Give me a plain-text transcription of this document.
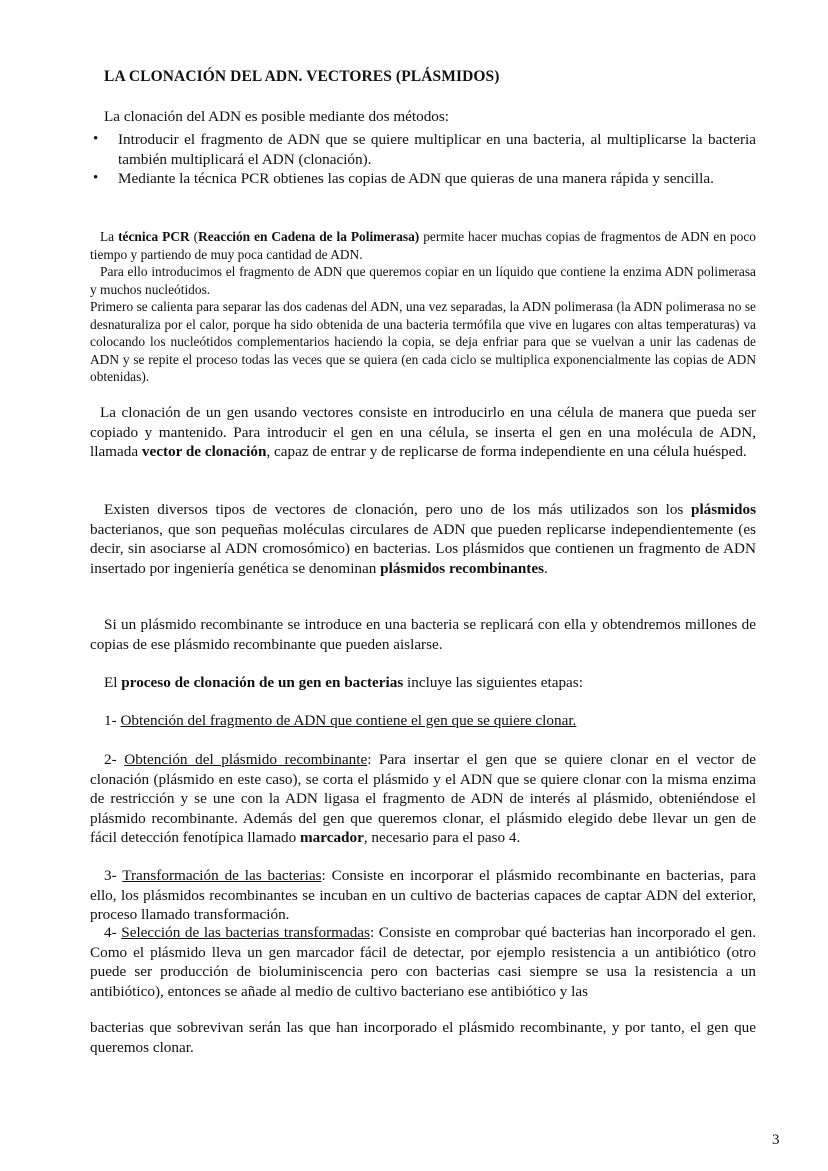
LA CLONACIÓN DEL ADN. VECTORES (PLÁSMIDOS)
La clonación del ADN es posible mediante dos métodos:
• Introducir el fragmento de ADN que se quiere multiplicar en una bacteria, al multiplicarse la bacteria también multiplicará el ADN (clonación).
• Mediante la técnica PCR obtienes las copias de ADN que quieras de una manera rápida y sencilla.
La técnica PCR (Reacción en Cadena de la Polimerasa) permite hacer muchas copias de fragmentos de ADN en poco tiempo y partiendo de muy poca cantidad de ADN.
Para ello introducimos el fragmento de ADN que queremos copiar en un líquido que contiene la enzima ADN polimerasa y muchos nucleótidos.
Primero se calienta para separar las dos cadenas del ADN, una vez separadas, la ADN polimerasa (la ADN polimerasa no se desnaturaliza por el calor, porque ha sido obtenida de una bacteria termófila que vive en lugares con altas temperaturas) va colocando los nucleótidos complementarios haciendo la copia, se deja enfriar para que se vuelvan a unir las cadenas de ADN y se repite el proceso todas las veces que se quiera (en cada ciclo se multiplica exponencialmente las copias de ADN obtenidas).
La clonación de un gen usando vectores consiste en introducirlo en una célula de manera que pueda ser copiado y mantenido. Para introducir el gen en una célula, se inserta el gen en una molécula de ADN, llamada vector de clonación, capaz de entrar y de replicarse de forma independiente en una célula huésped.
Existen diversos tipos de vectores de clonación, pero uno de los más utilizados son los plásmidos bacterianos, que son pequeñas moléculas circulares de ADN que pueden replicarse independientemente (es decir, sin asociarse al ADN cromosómico) en bacterias. Los plásmidos que contienen un fragmento de ADN insertado por ingeniería genética se denominan plásmidos recombinantes.
Si un plásmido recombinante se introduce en una bacteria se replicará con ella y obtendremos millones de copias de ese plásmido recombinante que pueden aislarse.
El proceso de clonación de un gen en bacterias incluye las siguientes etapas:
1- Obtención del fragmento de ADN que contiene el gen que se quiere clonar.
2- Obtención del plásmido recombinante: Para insertar el gen que se quiere clonar en el vector de clonación (plásmido en este caso), se corta el plásmido y el ADN que se quiere clonar con la misma enzima de restricción y se une con la ADN ligasa el fragmento de ADN de interés al plásmido, obteniéndose el plásmido recombinante. Además del gen que queremos clonar, el plásmido elegido debe llevar un gen de fácil detección fenotípica llamado marcador, necesario para el paso 4.
3- Transformación de las bacterias: Consiste en incorporar el plásmido recombinante en bacterias, para ello, los plásmidos recombinantes se incuban en un cultivo de bacterias capaces de captar ADN del exterior, proceso llamado transformación.
4- Selección de las bacterias transformadas: Consiste en comprobar qué bacterias han incorporado el gen. Como el plásmido lleva un gen marcador fácil de detectar, por ejemplo resistencia a un antibiótico (otro puede ser producción de bioluminiscencia pero con bacterias casi siempre se usa la resistencia a un antibiótico), entonces se añade al medio de cultivo bacteriano ese antibiótico y las
bacterias que sobrevivan serán las que han incorporado el plásmido recombinante, y por tanto, el gen que queremos clonar.
3
